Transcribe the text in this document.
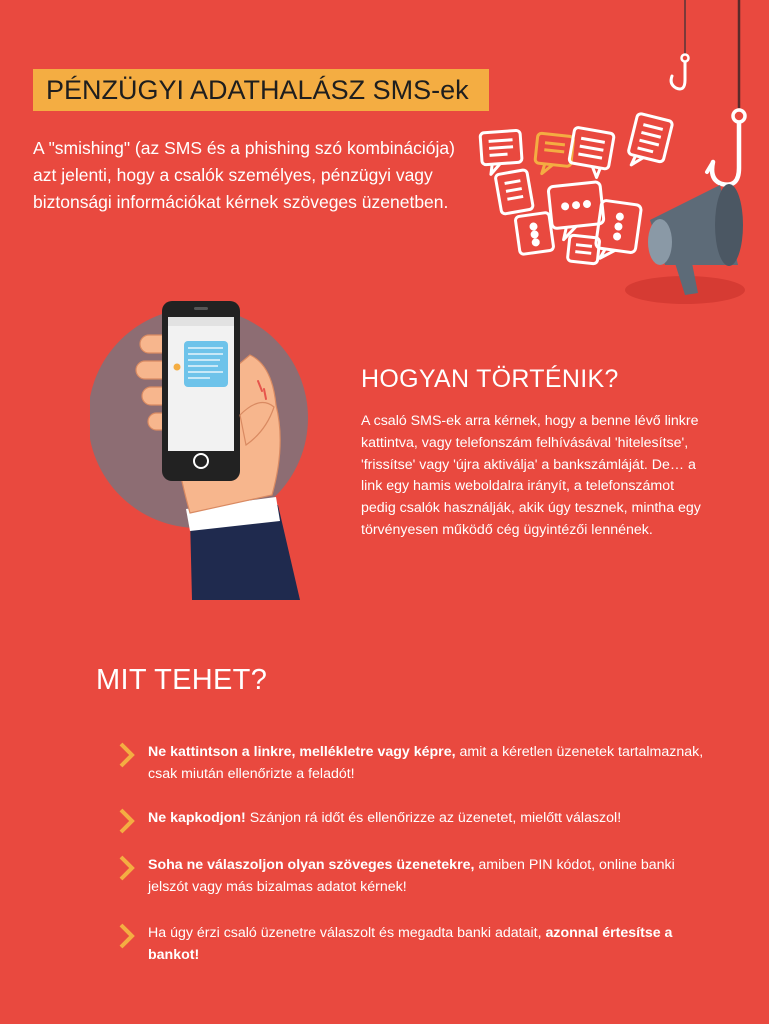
PÉNZÜGYI ADATHALÁSZ SMS-ek
A "smishing" (az SMS és a phishing szó kombinációja) azt jelenti, hogy a csalók személyes, pénzügyi vagy biztonsági információkat kérnek szöveges üzenetben.
HOGYAN TÖRTÉNIK?
A csaló SMS-ek arra kérnek, hogy a benne lévő linkre kattintva, vagy telefonszám felhívásával 'hitelesítse', 'frissítse' vagy 'újra aktiválja' a bankszámláját. De… a link egy hamis weboldalra irányít, a telefonszámot pedig csalók használják, akik úgy tesznek, mintha egy törvényesen működő cég ügyintézői lennének.
MIT TEHET?
Ne kattintson a linkre, mellékletre vagy képre, amit a kéretlen üzenetek tartalmaznak, csak miután ellenőrizte a feladót!
Ne kapkodjon! Szánjon rá időt és ellenőrizze az üzenetet, mielőtt válaszol!
Soha ne válaszoljon olyan szöveges üzenetekre, amiben PIN kódot, online banki jelszót vagy más bizalmas adatot kérnek!
Ha úgy érzi csaló üzenetre válaszolt és megadta banki adatait, azonnal értesítse a bankot!
